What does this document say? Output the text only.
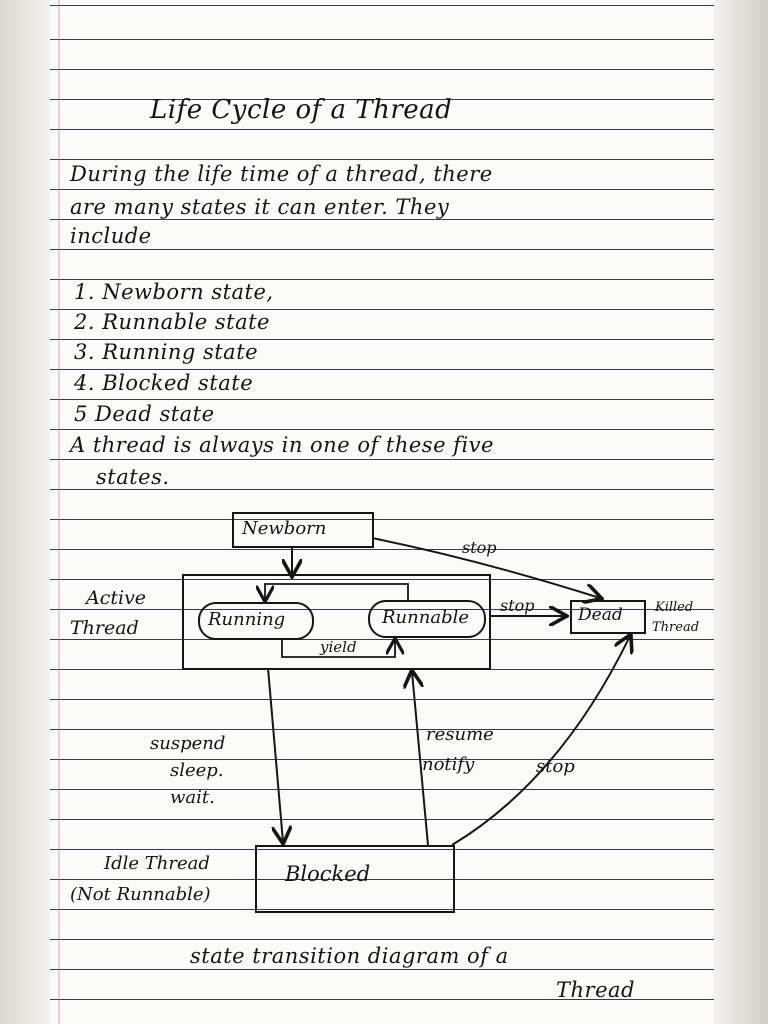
Life Cycle of a Thread
During the life time of a thread, there
are many states it can enter. They
include
1. Newborn state,
2. Runnable state
3. Running state
4. Blocked state
5 Dead state
A thread is always in one of these five
states.
Newborn
stop
Active
Thread	Running	Runnable
yield
stop	Dead Killed
Thread
suspend
sleep.
wait.
resume
notify	stop
Blocked
Idle Thread
(Not Runnable)
state transition diagram of a
Thread
